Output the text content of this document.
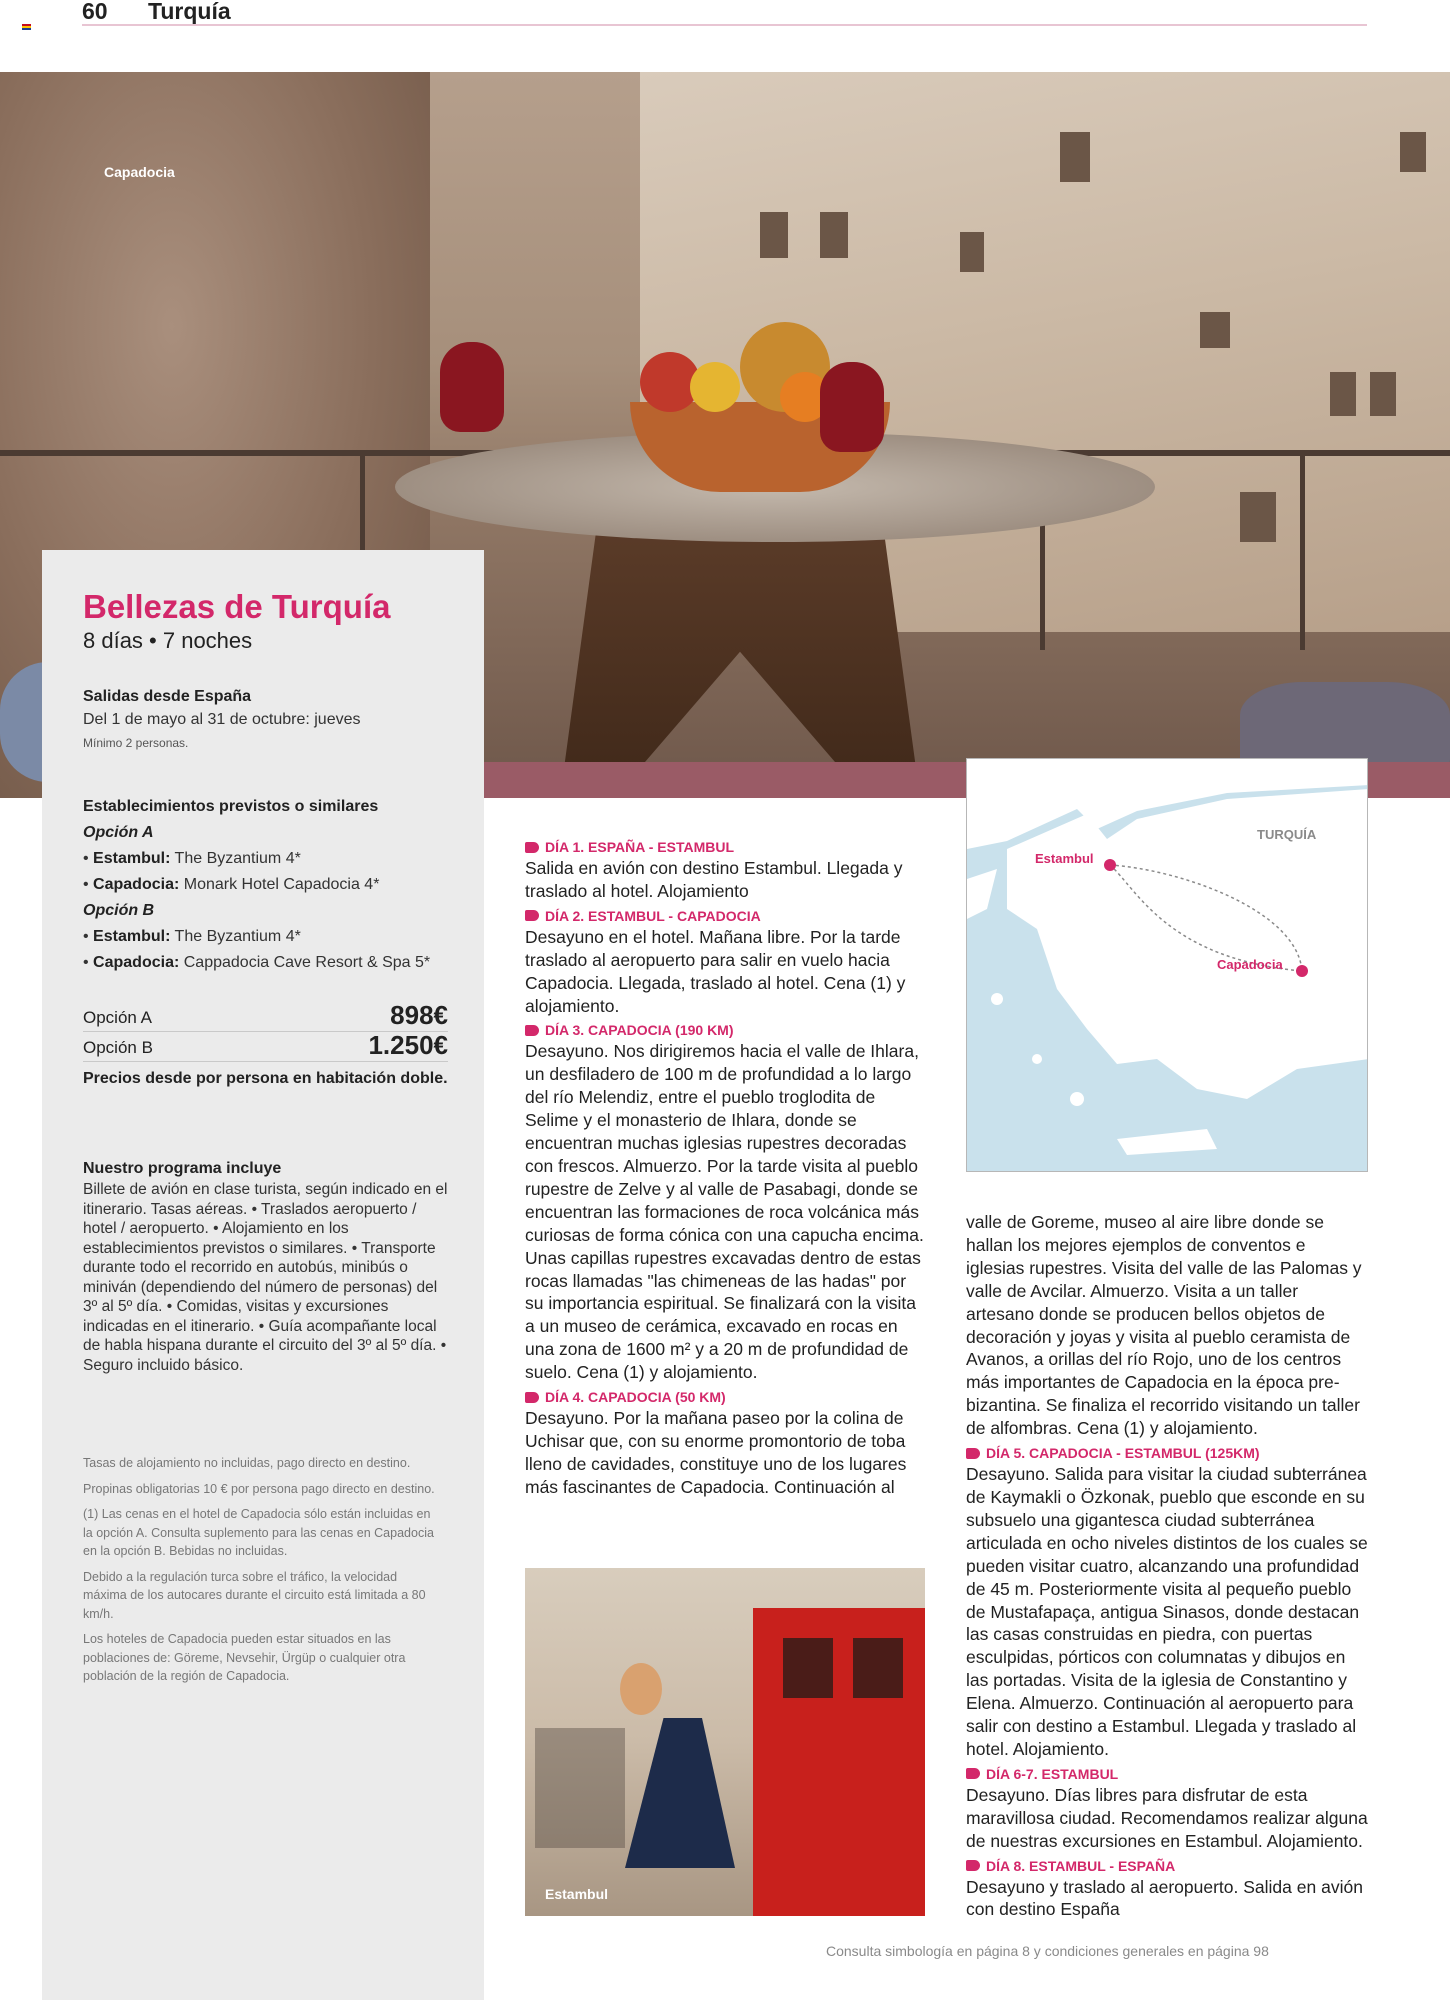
60 Turquía
Capadocia
Bellezas de Turquía
8 días • 7 noches
Salidas desde España
Del 1 de mayo al 31 de octubre: jueves
Mínimo 2 personas.
Establecimientos previstos o similares
Opción A
• Estambul: The Byzantium 4*
• Capadocia: Monark Hotel Capadocia 4*
Opción B
• Estambul: The Byzantium 4*
• Capadocia: Cappadocia Cave Resort & Spa 5*
Opción A	898€
Opción B	1.250€
Precios desde por persona en habitación doble.
Nuestro programa incluye
Billete de avión en clase turista, según indicado en el itinerario. Tasas aéreas. • Traslados aeropuerto / hotel / aeropuerto. • Alojamiento en los establecimientos previstos o similares. • Transporte durante todo el recorrido en autobús, minibús o miniván (dependiendo del número de personas) del 3º al 5º día. • Comidas, visitas y excursiones indicadas en el itinerario. • Guía acompañante local de habla hispana durante el circuito del 3º al 5º día. • Seguro incluido básico.
Tasas de alojamiento no incluidas, pago directo en destino.
Propinas obligatorias 10 € por persona pago directo en destino.
(1) Las cenas en el hotel de Capadocia sólo están incluidas en la opción A. Consulta suplemento para las cenas en Capadocia en la opción B. Bebidas no incluidas.
Debido a la regulación turca sobre el tráfico, la velocidad máxima de los autocares durante el circuito está limitada a 80 km/h.
Los hoteles de Capadocia pueden estar situados en las poblaciones de: Göreme, Nevsehir, Ürgüp o cualquier otra población de la región de Capadocia.
DÍA 1. ESPAÑA - ESTAMBUL
Salida en avión con destino Estambul. Llegada y traslado al hotel. Alojamiento
DÍA 2. ESTAMBUL - CAPADOCIA
Desayuno en el hotel. Mañana libre. Por la tarde traslado al aeropuerto para salir en vuelo hacia Capadocia. Llegada, traslado al hotel. Cena (1) y alojamiento.
DÍA 3. CAPADOCIA (190 KM)
Desayuno. Nos dirigiremos hacia el valle de Ihlara, un desfiladero de 100 m de profundidad a lo largo del río Melendiz, entre el pueblo troglodita de Selime y el monasterio de Ihlara, donde se encuentran muchas iglesias rupestres decoradas con frescos. Almuerzo. Por la tarde visita al pueblo rupestre de Zelve y al valle de Pasabagi, donde se encuentran las formaciones de roca volcánica más curiosas de forma cónica con una capucha encima. Unas capillas rupestres excavadas dentro de estas rocas llamadas "las chimeneas de las hadas" por su importancia espiritual. Se finalizará con la visita a un museo de cerámica, excavado en rocas en una zona de 1600 m² y a 20 m de profundidad de suelo. Cena (1) y alojamiento.
DÍA 4. CAPADOCIA (50 KM)
Desayuno. Por la mañana paseo por la colina de Uchisar que, con su enorme promontorio de toba lleno de cavidades, constituye uno de los lugares más fascinantes de Capadocia. Continuación al
TURQUÍA
Estambul
Capadocia
valle de Goreme, museo al aire libre donde se hallan los mejores ejemplos de conventos e iglesias rupestres. Visita del valle de las Palomas y valle de Avcilar. Almuerzo. Visita a un taller artesano donde se producen bellos objetos de decoración y joyas y visita al pueblo ceramista de Avanos, a orillas del río Rojo, uno de los centros más importantes de Capadocia en la época pre-bizantina. Se finaliza el recorrido visitando un taller de alfombras. Cena (1) y alojamiento.
DÍA 5. CAPADOCIA - ESTAMBUL (125KM)
Desayuno. Salida para visitar la ciudad subterránea de Kaymakli o Özkonak, pueblo que esconde en su subsuelo una gigantesca ciudad subterránea articulada en ocho niveles distintos de los cuales se pueden visitar cuatro, alcanzando una profundidad de 45 m. Posteriormente visita al pequeño pueblo de Mustafapaça, antigua Sinasos, donde destacan las casas construidas en piedra, con puertas esculpidas, pórticos con columnatas y dibujos en las portadas. Visita de la iglesia de Constantino y Elena. Almuerzo. Continuación al aeropuerto para salir con destino a Estambul. Llegada y traslado al hotel. Alojamiento.
DÍA 6-7. ESTAMBUL
Desayuno. Días libres para disfrutar de esta maravillosa ciudad. Recomendamos realizar alguna de nuestras excursiones en Estambul. Alojamiento.
DÍA 8. ESTAMBUL - ESPAÑA
Desayuno y traslado al aeropuerto. Salida en avión con destino España
Estambul
Consulta simbología en página 8 y condiciones generales en página 98
